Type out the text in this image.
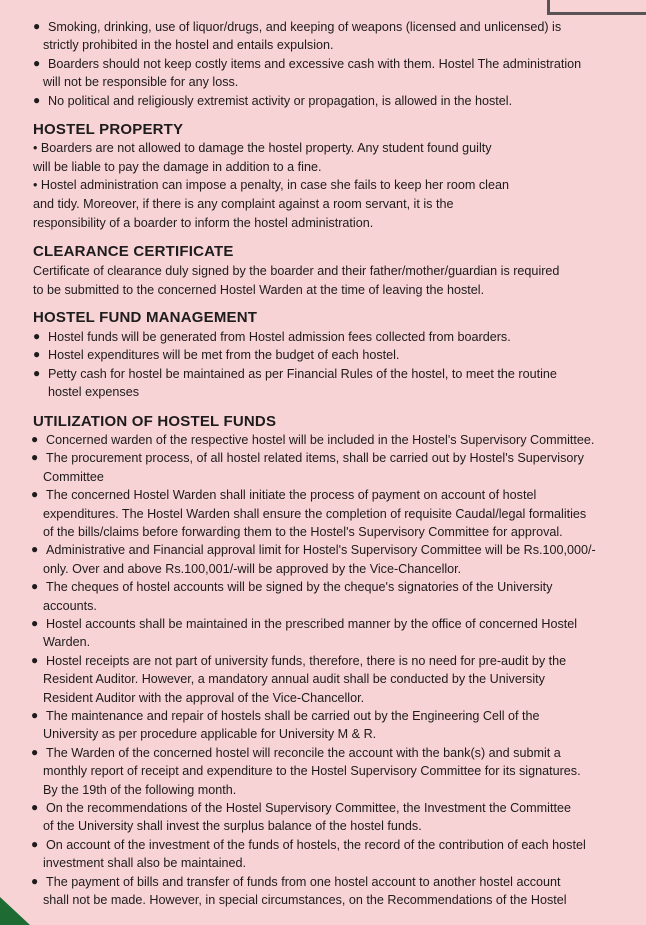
● Smoking, drinking, use of liquor/drugs, and keeping of weapons (licensed and unlicensed) is
strictly prohibited in the hostel and entails expulsion.
● Boarders should not keep costly items and excessive cash with them. Hostel The administration
will not be responsible for any loss.
● No political and religiously extremist activity or propagation, is allowed in the hostel.
HOSTEL PROPERTY
• Boarders are not allowed to damage the hostel property. Any student found guilty
will be liable to pay the damage in addition to a fine.
• Hostel administration can impose a penalty, in case she fails to keep her room clean
and tidy. Moreover, if there is any complaint against a room servant, it is the
responsibility of a boarder to inform the hostel administration.
CLEARANCE CERTIFICATE
Certificate of clearance duly signed by the boarder and their father/mother/guardian is required
to be submitted to the concerned Hostel Warden at the time of leaving the hostel.
HOSTEL FUND MANAGEMENT
● Hostel funds will be generated from Hostel admission fees collected from boarders.
● Hostel expenditures will be met from the budget of each hostel.
● Petty cash for hostel be maintained as per Financial Rules of the hostel, to meet the routine
hostel expenses
UTILIZATION OF HOSTEL FUNDS
● Concerned warden of the respective hostel will be included in the Hostel's Supervisory Committee.
● The procurement process, of all hostel related items, shall be carried out by Hostel's Supervisory
Committee
● The concerned Hostel Warden shall initiate the process of payment on account of hostel
expenditures. The Hostel Warden shall ensure the completion of requisite Caudal/legal formalities
of the bills/claims before forwarding them to the Hostel's Supervisory Committee for approval.
● Administrative and Financial approval limit for Hostel's Supervisory Committee will be Rs.100,000/-
only. Over and above Rs.100,001/-will be approved by the Vice-Chancellor.
● The cheques of hostel accounts will be signed by the cheque's signatories of the University
accounts.
● Hostel accounts shall be maintained in the prescribed manner by the office of concerned Hostel
Warden.
● Hostel receipts are not part of university funds, therefore, there is no need for pre-audit by the
Resident Auditor. However, a mandatory annual audit shall be conducted by the University
Resident Auditor with the approval of the Vice-Chancellor.
● The maintenance and repair of hostels shall be carried out by the Engineering Cell of the
University as per procedure applicable for University M & R.
● The Warden of the concerned hostel will reconcile the account with the bank(s) and submit a
monthly report of receipt and expenditure to the Hostel Supervisory Committee for its signatures.
By the 19th of the following month.
● On the recommendations of the Hostel Supervisory Committee, the Investment the Committee
of the University shall invest the surplus balance of the hostel funds.
● On account of the investment of the funds of hostels, the record of the contribution of each hostel
investment shall also be maintained.
● The payment of bills and transfer of funds from one hostel account to another hostel account
shall not be made. However, in special circumstances, on the Recommendations of the Hostel
